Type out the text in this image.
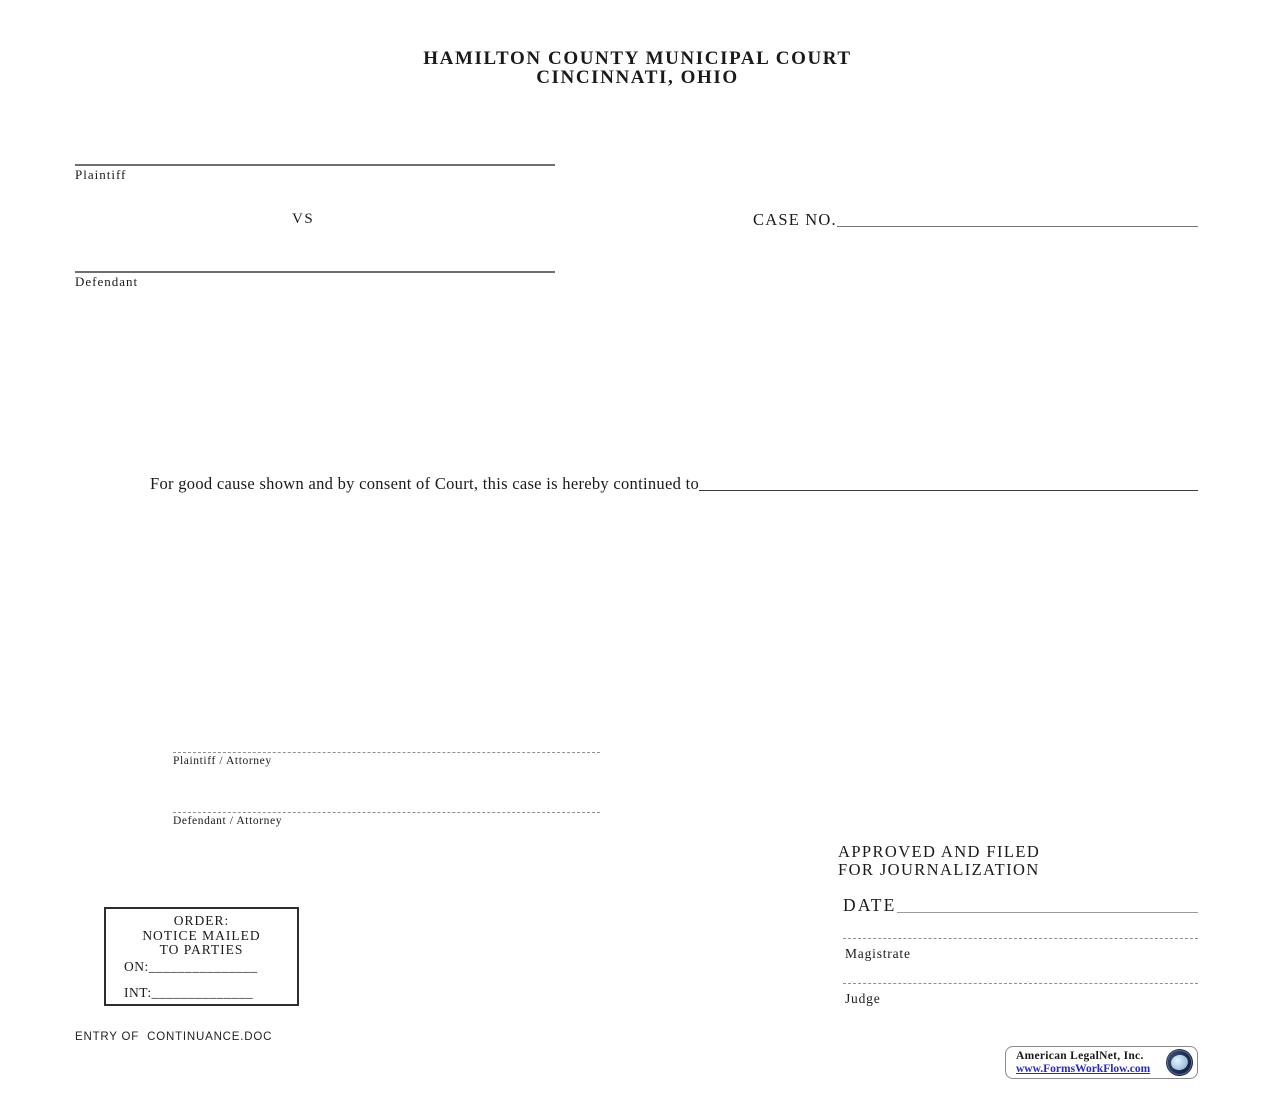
HAMILTON COUNTY MUNICIPAL COURT
CINCINNATI, OHIO
Plaintiff
VS	CASE NO.
Defendant
For good cause shown and by consent of Court, this case is hereby continued to
Plaintiff / Attorney
Defendant / Attorney
APPROVED AND FILED
FOR JOURNALIZATION
DATE
Magistrate
Judge
ORDER:
NOTICE MAILED
TO PARTIES
ON:_______________
INT:______________
ENTRY OF  CONTINUANCE.DOC
American LegalNet, Inc.
www.FormsWorkFlow.com
